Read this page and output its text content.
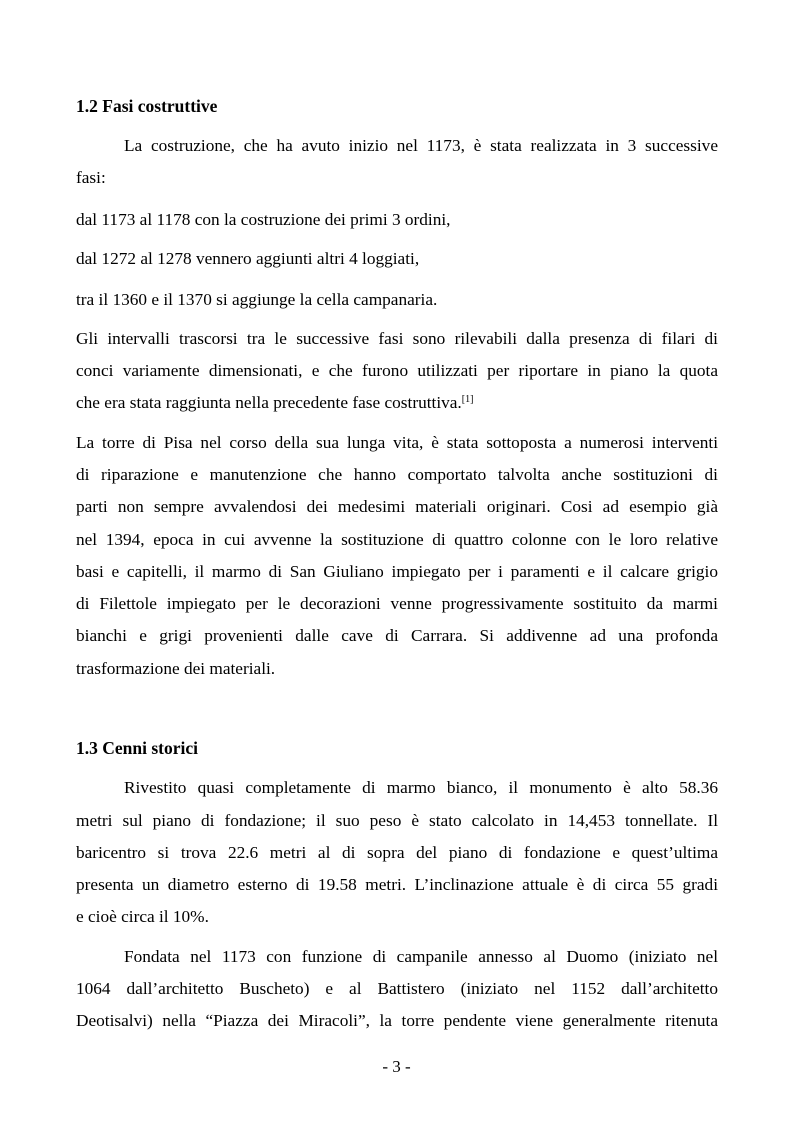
1.2 Fasi costruttive
La costruzione, che ha avuto inizio nel 1173, è stata realizzata in 3 successive
fasi:
dal 1173 al 1178 con la costruzione dei primi 3 ordini,
dal 1272 al 1278 vennero aggiunti altri 4 loggiati,
tra il 1360 e il 1370 si aggiunge la cella campanaria.
Gli intervalli trascorsi tra le successive fasi sono rilevabili dalla presenza di filari di
conci variamente dimensionati, e che furono utilizzati per riportare in piano la quota
che era stata raggiunta nella precedente fase costruttiva.[1]
La torre di Pisa nel corso della sua lunga vita, è stata sottoposta a numerosi interventi
di riparazione e manutenzione che hanno comportato talvolta anche sostituzioni di
parti non sempre avvalendosi dei medesimi materiali originari. Cosi ad esempio già
nel 1394, epoca in cui avvenne la sostituzione di quattro colonne con le loro relative
basi e capitelli, il marmo di San Giuliano impiegato per i paramenti e il calcare grigio
di Filettole impiegato per le decorazioni venne progressivamente sostituito da marmi
bianchi e grigi provenienti dalle cave di Carrara. Si addivenne ad una profonda
trasformazione dei materiali.
1.3 Cenni storici
Rivestito quasi completamente di marmo bianco, il monumento è alto 58.36
metri sul piano di fondazione; il suo peso è stato calcolato in 14,453 tonnellate. Il
baricentro si trova 22.6 metri al di sopra del piano di fondazione e quest’ultima
presenta un diametro esterno di 19.58 metri. L’inclinazione attuale è di circa 55 gradi
e cioè circa il 10%.
Fondata nel 1173 con funzione di campanile annesso al Duomo (iniziato nel
1064 dall’architetto Buscheto) e al Battistero (iniziato nel 1152 dall’architetto
Deotisalvi) nella “Piazza dei Miracoli”, la torre pendente viene generalmente ritenuta
- 3 -
